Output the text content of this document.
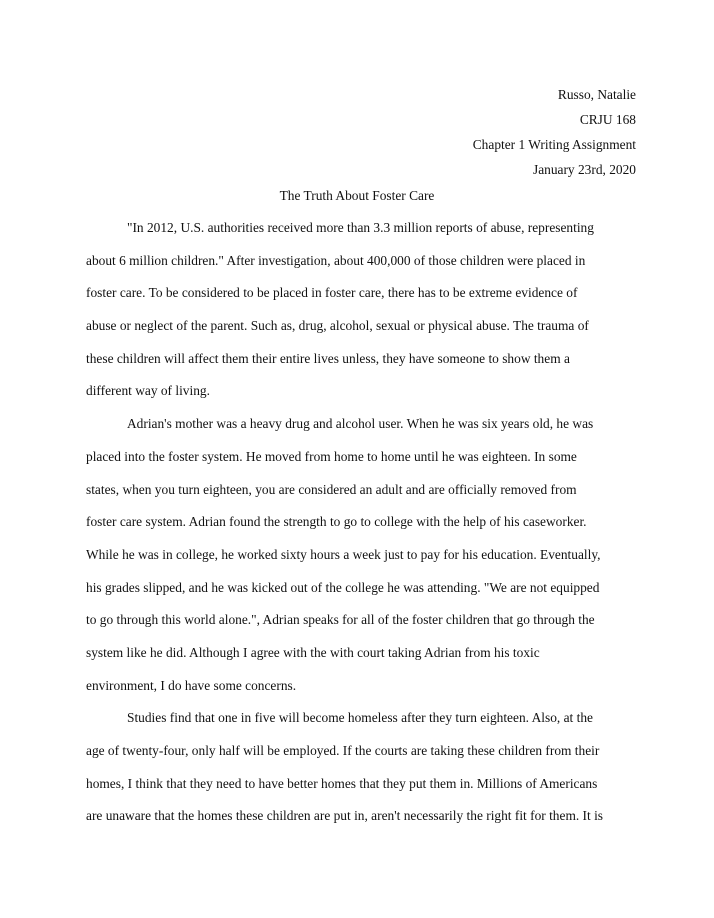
Russo, Natalie
CRJU 168
Chapter 1 Writing Assignment
January 23rd, 2020
The Truth About Foster Care
"In 2012, U.S. authorities received more than 3.3 million reports of abuse, representing
about 6 million children." After investigation, about 400,000 of those children were placed in
foster care. To be considered to be placed in foster care, there has to be extreme evidence of
abuse or neglect of the parent. Such as, drug, alcohol, sexual or physical abuse. The trauma of
these children will affect them their entire lives unless, they have someone to show them a
different way of living.
Adrian's mother was a heavy drug and alcohol user. When he was six years old, he was
placed into the foster system. He moved from home to home until he was eighteen. In some
states, when you turn eighteen, you are considered an adult and are officially removed from
foster care system. Adrian found the strength to go to college with the help of his caseworker.
While he was in college, he worked sixty hours a week just to pay for his education. Eventually,
his grades slipped, and he was kicked out of the college he was attending. "We are not equipped
to go through this world alone.", Adrian speaks for all of the foster children that go through the
system like he did. Although I agree with the with court taking Adrian from his toxic
environment, I do have some concerns.
Studies find that one in five will become homeless after they turn eighteen. Also, at the
age of twenty-four, only half will be employed. If the courts are taking these children from their
homes, I think that they need to have better homes that they put them in. Millions of Americans
are unaware that the homes these children are put in, aren't necessarily the right fit for them. It is
